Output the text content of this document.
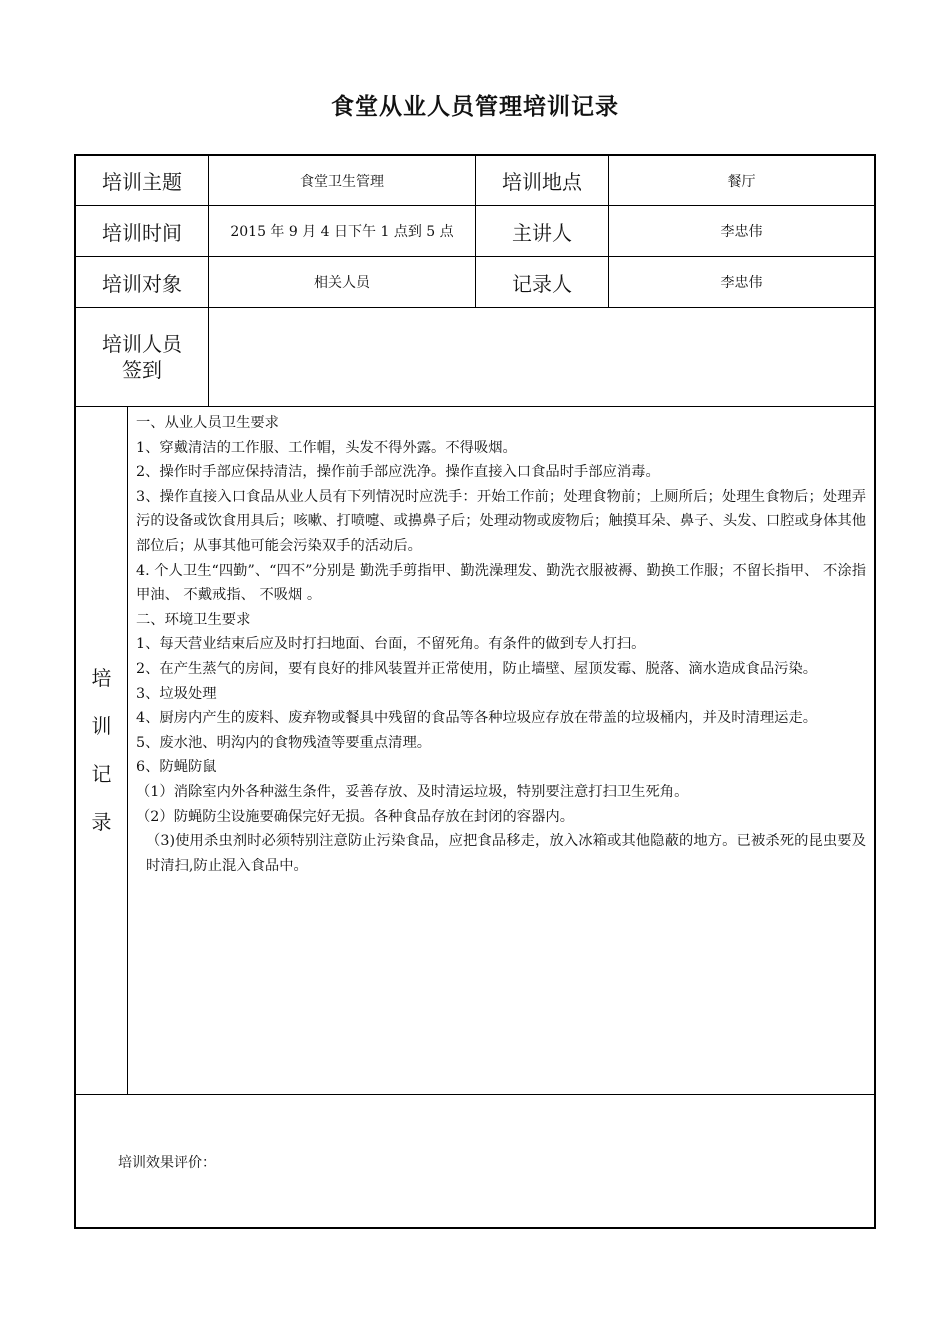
食堂从业人员管理培训记录
培训主题	食堂卫生管理	培训地点	餐厅
培训时间	2015 年 9 月 4 日下午 1 点到 5 点	主讲人	李忠伟
培训对象	相关人员	记录人	李忠伟
培训人员
签到
培
训
记
录

一、从业人员卫生要求

1、穿戴清洁的工作服、工作帽，头发不得外露。不得吸烟。

2、操作时手部应保持清洁，操作前手部应洗净。操作直接入口食品时手部应消毒。

3、操作直接入口食品从业人员有下列情况时应洗手：开始工作前；处理食物前；上厕所后；处理生食物后；处理弄污的设备或饮食用具后；咳嗽、打喷嚏、或擤鼻子后；处理动物或废物后；触摸耳朵、鼻子、头发、口腔或身体其他部位后；从事其他可能会污染双手的活动后。

4. 个人卫生“四勤”、“四不”分别是 勤洗手剪指甲、勤洗澡理发、勤洗衣服被褥、勤换工作服；不留长指甲、 不涂指甲油、 不戴戒指、 不吸烟 。

二、环境卫生要求

1、每天营业结束后应及时打扫地面、台面，不留死角。有条件的做到专人打扫。

2、在产生蒸气的房间，要有良好的排风装置并正常使用，防止墙壁、屋顶发霉、脱落、滴水造成食品污染。

3、垃圾处理

4、厨房内产生的废料、废弃物或餐具中残留的食品等各种垃圾应存放在带盖的垃圾桶内，并及时清理运走。

5、废水池、明沟内的食物残渣等要重点清理。

6、防蝇防鼠

（1）消除室内外各种滋生条件，妥善存放、及时清运垃圾，特别要注意打扫卫生死角。

（2）防蝇防尘设施要确保完好无损。各种食品存放在封闭的容器内。

（3)使用杀虫剂时必须特别注意防止污染食品，应把食品移走，放入冰箱或其他隐蔽的地方。已被杀死的昆虫要及时清扫,防止混入食品中。

培训效果评价：
